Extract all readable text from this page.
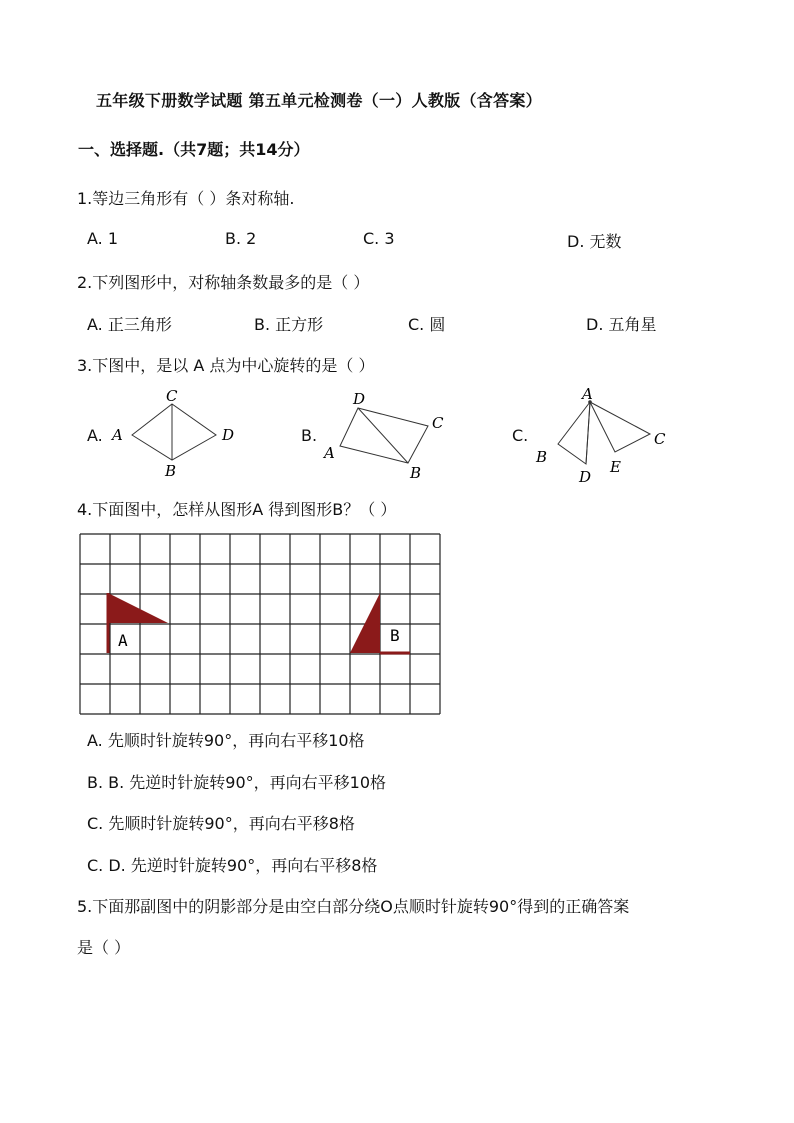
五年级下册数学试题 第五单元检测卷（一）人教版（含答案）
一、选择题.（共7题；共14分）
1.等边三角形有（ ）条对称轴.
A. 1	B. 2	C. 3	D. 无数
2.下列图形中，对称轴条数最多的是（ ）
A. 正三角形	B. 正方形	C. 圆	D. 五角星
3.下图中，是以 A 点为中心旋转的是（ ）
A.	B.	C.
A
C
D
B
D
C
A
B
A
C
B
D
E
4.下面图中，怎样从图形A 得到图形B？（ ）
A	B
A. 先顺时针旋转90°，再向右平移10格
B. B. 先逆时针旋转90°，再向右平移10格
C. 先顺时针旋转90°，再向右平移8格
C. D. 先逆时针旋转90°，再向右平移8格
5.下面那副图中的阴影部分是由空白部分绕O点顺时针旋转90°得到的正确答案
是（ ）
